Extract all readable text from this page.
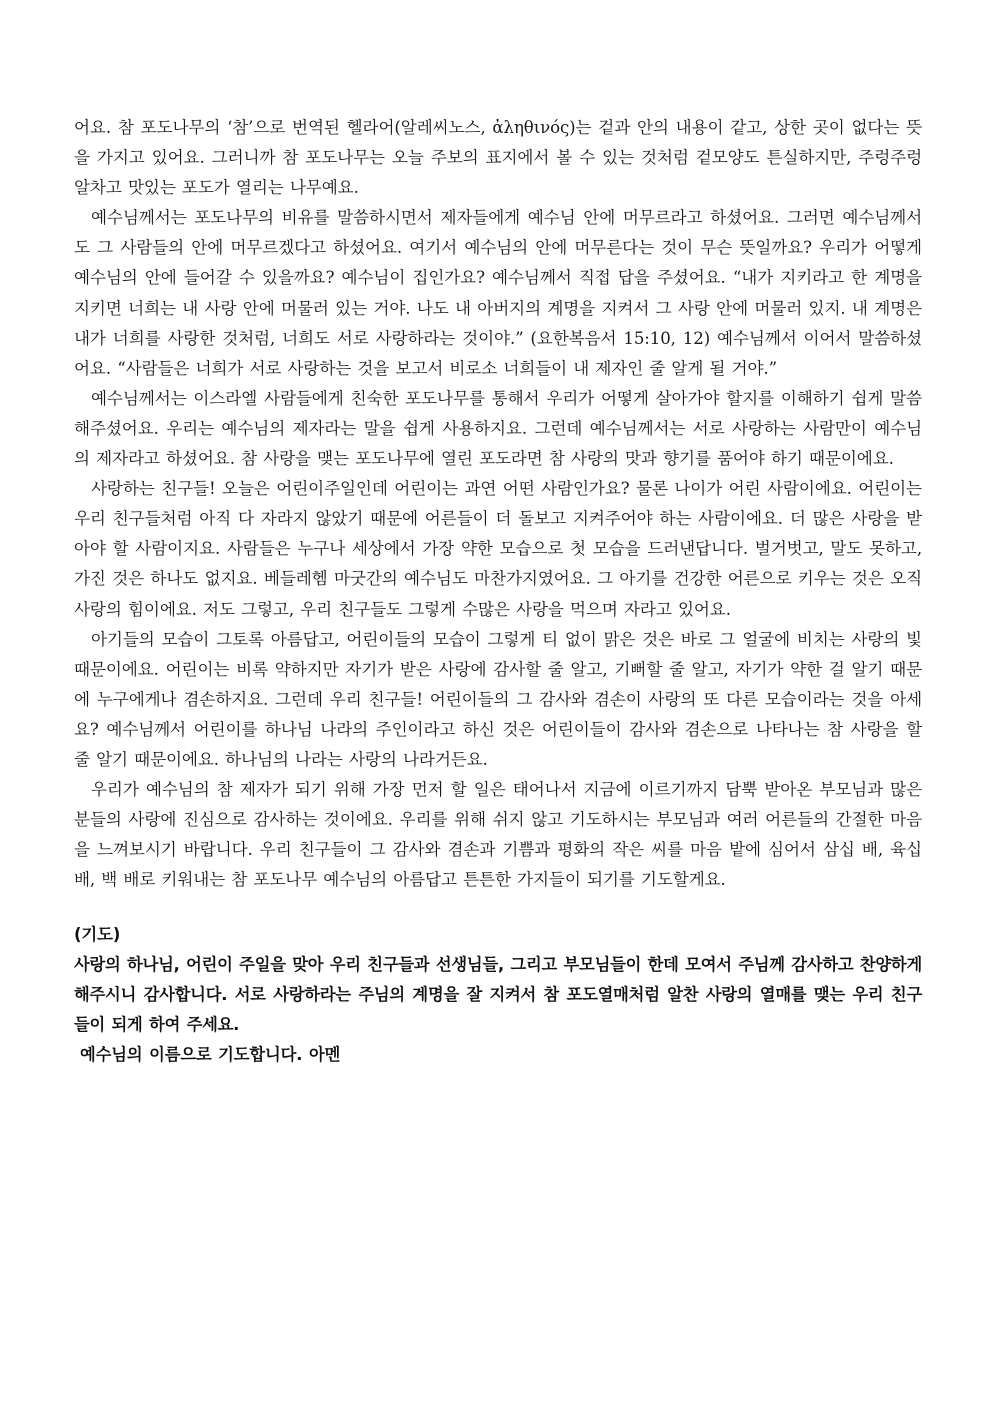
어요. 참 포도나무의 ‘참’으로 번역된 헬라어(알레씨노스, ἀληθινός)는 겉과 안의 내용이 같고, 상한 곳이 없다는 뜻을 가지고 있어요. 그러니까 참 포도나무는 오늘 주보의 표지에서 볼 수 있는 것처럼 겉모양도 튼실하지만, 주렁주렁 알차고 맛있는 포도가 열리는 나무예요.

예수님께서는 포도나무의 비유를 말씀하시면서 제자들에게 예수님 안에 머무르라고 하셨어요. 그러면 예수님께서도 그 사람들의 안에 머무르겠다고 하셨어요. 여기서 예수님의 안에 머무른다는 것이 무슨 뜻일까요? 우리가 어떻게 예수님의 안에 들어갈 수 있을까요? 예수님이 집인가요? 예수님께서 직접 답을 주셨어요. “내가 지키라고 한 계명을 지키면 너희는 내 사랑 안에 머물러 있는 거야. 나도 내 아버지의 계명을 지켜서 그 사랑 안에 머물러 있지. 내 계명은 내가 너희를 사랑한 것처럼, 너희도 서로 사랑하라는 것이야.” (요한복음서 15:10, 12) 예수님께서 이어서 말씀하셨어요. “사람들은 너희가 서로 사랑하는 것을 보고서 비로소 너희들이 내 제자인 줄 알게 될 거야.”

예수님께서는 이스라엘 사람들에게 친숙한 포도나무를 통해서 우리가 어떻게 살아가야 할지를 이해하기 쉽게 말씀해주셨어요. 우리는 예수님의 제자라는 말을 쉽게 사용하지요. 그런데 예수님께서는 서로 사랑하는 사람만이 예수님의 제자라고 하셨어요. 참 사랑을 맺는 포도나무에 열린 포도라면 참 사랑의 맛과 향기를 품어야 하기 때문이에요.

사랑하는 친구들! 오늘은 어린이주일인데 어린이는 과연 어떤 사람인가요? 물론 나이가 어린 사람이에요. 어린이는 우리 친구들처럼 아직 다 자라지 않았기 때문에 어른들이 더 돌보고 지켜주어야 하는 사람이에요. 더 많은 사랑을 받아야 할 사람이지요. 사람들은 누구나 세상에서 가장 약한 모습으로 첫 모습을 드러낸답니다. 벌거벗고, 말도 못하고, 가진 것은 하나도 없지요. 베들레헴 마굿간의 예수님도 마찬가지였어요. 그 아기를 건강한 어른으로 키우는 것은 오직 사랑의 힘이에요. 저도 그렇고, 우리 친구들도 그렇게 수많은 사랑을 먹으며 자라고 있어요.

아기들의 모습이 그토록 아름답고, 어린이들의 모습이 그렇게 티 없이 맑은 것은 바로 그 얼굴에 비치는 사랑의 빛 때문이에요. 어린이는 비록 약하지만 자기가 받은 사랑에 감사할 줄 알고, 기뻐할 줄 알고, 자기가 약한 걸 알기 때문에 누구에게나 겸손하지요. 그런데 우리 친구들! 어린이들의 그 감사와 겸손이 사랑의 또 다른 모습이라는 것을 아세요? 예수님께서 어린이를 하나님 나라의 주인이라고 하신 것은 어린이들이 감사와 겸손으로 나타나는 참 사랑을 할 줄 알기 때문이에요. 하나님의 나라는 사랑의 나라거든요.

우리가 예수님의 참 제자가 되기 위해 가장 먼저 할 일은 태어나서 지금에 이르기까지 담뿍 받아온 부모님과 많은 분들의 사랑에 진심으로 감사하는 것이에요. 우리를 위해 쉬지 않고 기도하시는 부모님과 여러 어른들의 간절한 마음을 느껴보시기 바랍니다. 우리 친구들이 그 감사와 겸손과 기쁨과 평화의 작은 씨를 마음 밭에 심어서 삼십 배, 육십 배, 백 배로 키워내는 참 포도나무 예수님의 아름답고 튼튼한 가지들이 되기를 기도할게요.

(기도)

사랑의 하나님, 어린이 주일을 맞아 우리 친구들과 선생님들, 그리고 부모님들이 한데 모여서 주님께 감사하고 찬양하게 해주시니 감사합니다. 서로 사랑하라는 주님의 계명을 잘 지켜서 참 포도열매처럼 알찬 사랑의 열매를 맺는 우리 친구들이 되게 하여 주세요.

예수님의 이름으로 기도합니다. 아멘
